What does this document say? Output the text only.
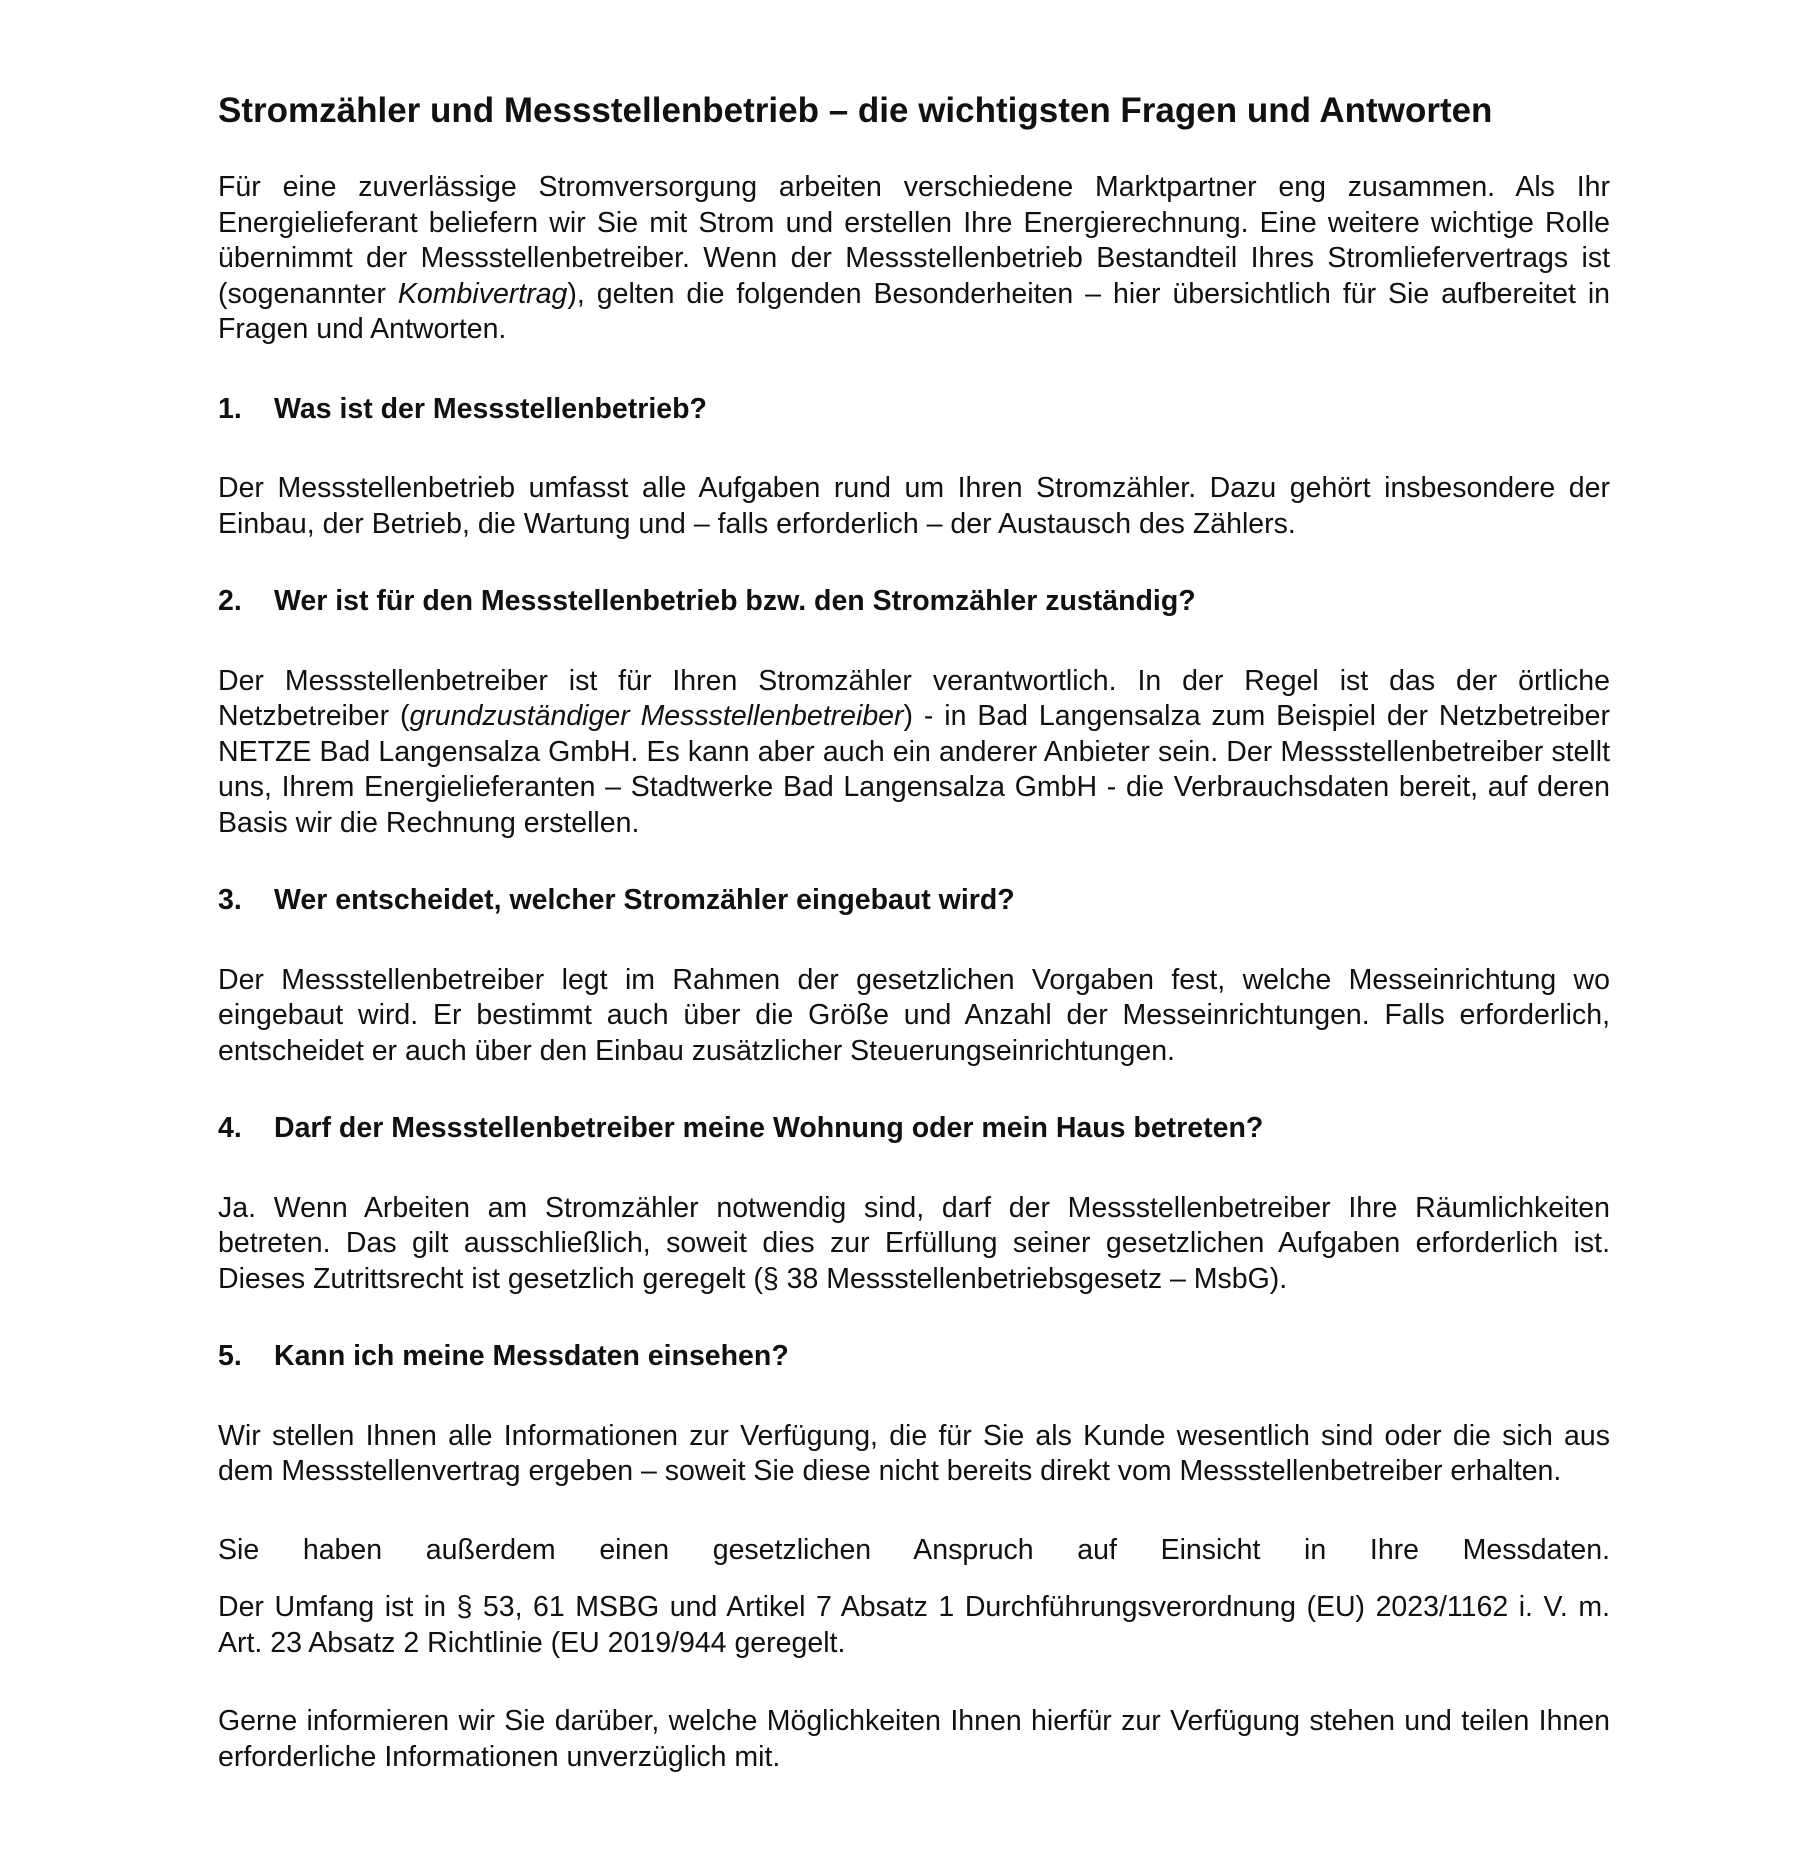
Stromzähler und Messstellenbetrieb – die wichtigsten Fragen und Antworten

Für eine zuverlässige Stromversorgung arbeiten verschiedene Marktpartner eng zusammen. Als Ihr Energielieferant beliefern wir Sie mit Strom und erstellen Ihre Energierechnung. Eine weitere wichtige Rolle übernimmt der Messstellenbetreiber. Wenn der Messstellenbetrieb Bestandteil Ihres Stromliefervertrags ist (sogenannter Kombivertrag), gelten die folgenden Besonderheiten – hier übersichtlich für Sie aufbereitet in Fragen und Antworten.

1.	Was ist der Messstellenbetrieb?

Der Messstellenbetrieb umfasst alle Aufgaben rund um Ihren Stromzähler. Dazu gehört insbesondere der Einbau, der Betrieb, die Wartung und – falls erforderlich – der Austausch des Zählers.

2.	Wer ist für den Messstellenbetrieb bzw. den Stromzähler zuständig?

Der Messstellenbetreiber ist für Ihren Stromzähler verantwortlich. In der Regel ist das der örtliche Netzbetreiber (grundzuständiger Messstellenbetreiber) - in Bad Langensalza zum Beispiel der Netzbetreiber NETZE Bad Langensalza GmbH. Es kann aber auch ein anderer Anbieter sein. Der Messstellenbetreiber stellt uns, Ihrem Energielieferanten – Stadtwerke Bad Langensalza GmbH - die Verbrauchsdaten bereit, auf deren Basis wir die Rechnung erstellen.

3.	Wer entscheidet, welcher Stromzähler eingebaut wird?

Der Messstellenbetreiber legt im Rahmen der gesetzlichen Vorgaben fest, welche Messeinrichtung wo eingebaut wird. Er bestimmt auch über die Größe und Anzahl der Messeinrichtungen. Falls erforderlich, entscheidet er auch über den Einbau zusätzlicher Steuerungseinrichtungen.

4.	Darf der Messstellenbetreiber meine Wohnung oder mein Haus betreten?

Ja. Wenn Arbeiten am Stromzähler notwendig sind, darf der Messstellenbetreiber Ihre Räumlichkeiten betreten. Das gilt ausschließlich, soweit dies zur Erfüllung seiner gesetzlichen Aufgaben erforderlich ist. Dieses Zutrittsrecht ist gesetzlich geregelt (§ 38 Messstellenbetriebsgesetz – MsbG).

5.	Kann ich meine Messdaten einsehen?

Wir stellen Ihnen alle Informationen zur Verfügung, die für Sie als Kunde wesentlich sind oder die sich aus dem Messstellenvertrag ergeben – soweit Sie diese nicht bereits direkt vom Messstellenbetreiber erhalten.

Sie haben außerdem einen gesetzlichen Anspruch auf Einsicht in Ihre Messdaten.

Der Umfang ist in § 53, 61 MSBG und Artikel 7 Absatz 1 Durchführungsverordnung (EU) 2023/1162 i. V. m. Art. 23 Absatz 2 Richtlinie (EU 2019/944 geregelt.

Gerne informieren wir Sie darüber, welche Möglichkeiten Ihnen hierfür zur Verfügung stehen und teilen Ihnen erforderliche Informationen unverzüglich mit.
